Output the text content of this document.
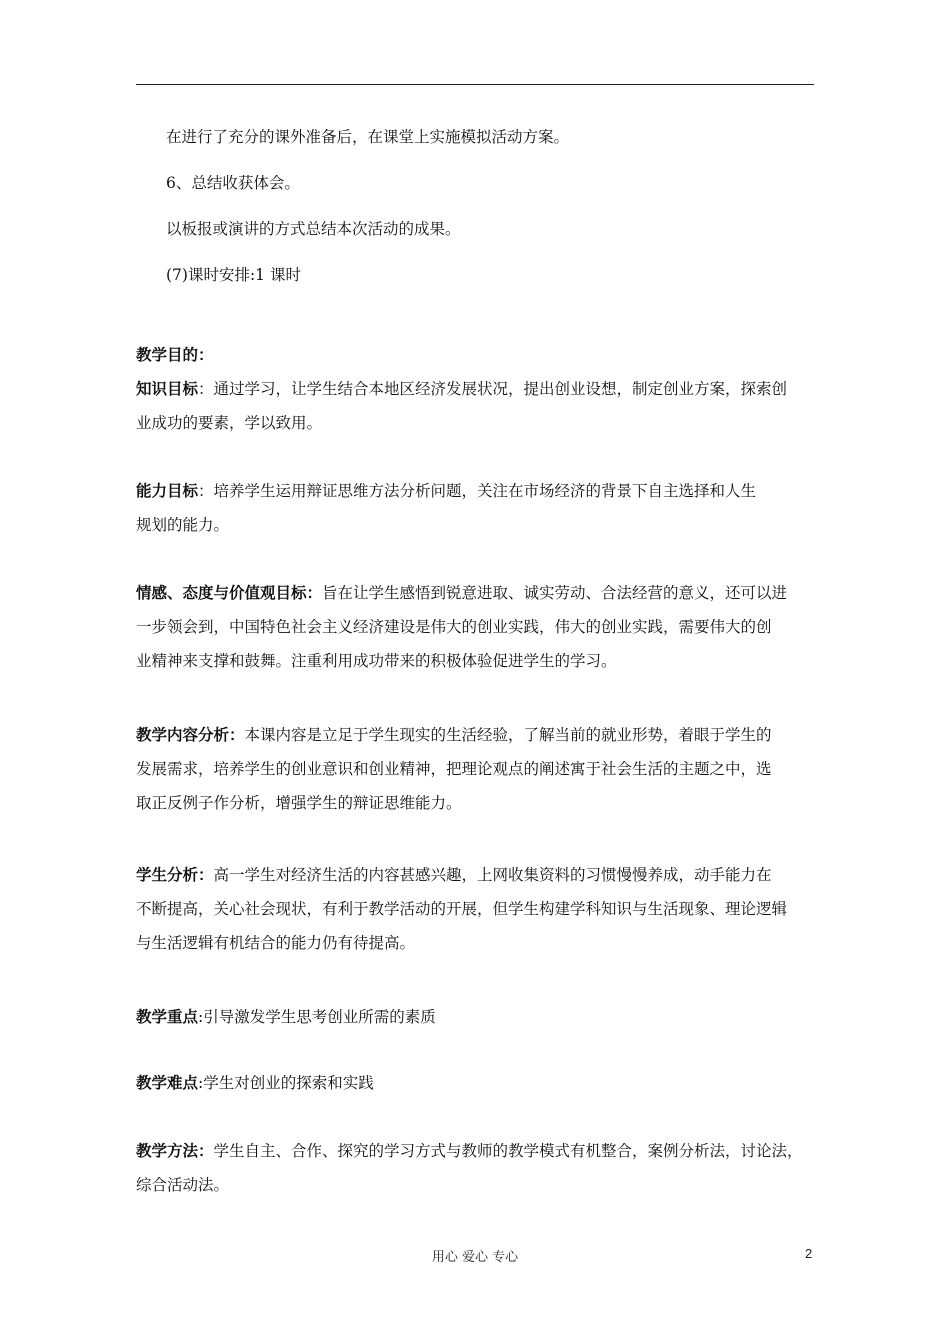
在进行了充分的课外准备后，在课堂上实施模拟活动方案。
6、总结收获体会。
以板报或演讲的方式总结本次活动的成果。
(7)课时安排:1 课时
教学目的：
知识目标：通过学习，让学生结合本地区经济发展状况，提出创业设想，制定创业方案，探索创
业成功的要素，学以致用。
能力目标：培养学生运用辩证思维方法分析问题，关注在市场经济的背景下自主选择和人生
规划的能力。
情感、态度与价值观目标：旨在让学生感悟到锐意进取、诚实劳动、合法经营的意义，还可以进
一步领会到，中国特色社会主义经济建设是伟大的创业实践，伟大的创业实践，需要伟大的创
业精神来支撑和鼓舞。注重利用成功带来的积极体验促进学生的学习。
教学内容分析：本课内容是立足于学生现实的生活经验，了解当前的就业形势，着眼于学生的
发展需求，培养学生的创业意识和创业精神，把理论观点的阐述寓于社会生活的主题之中，选
取正反例子作分析，增强学生的辩证思维能力。
学生分析：高一学生对经济生活的内容甚感兴趣，上网收集资料的习惯慢慢养成，动手能力在
不断提高，关心社会现状，有利于教学活动的开展，但学生构建学科知识与生活现象、理论逻辑
与生活逻辑有机结合的能力仍有待提高。
教学重点:引导激发学生思考创业所需的素质
教学难点:学生对创业的探索和实践
教学方法：学生自主、合作、探究的学习方式与教师的教学模式有机整合，案例分析法，讨论法，
综合活动法。
用心 爱心 专心	2
